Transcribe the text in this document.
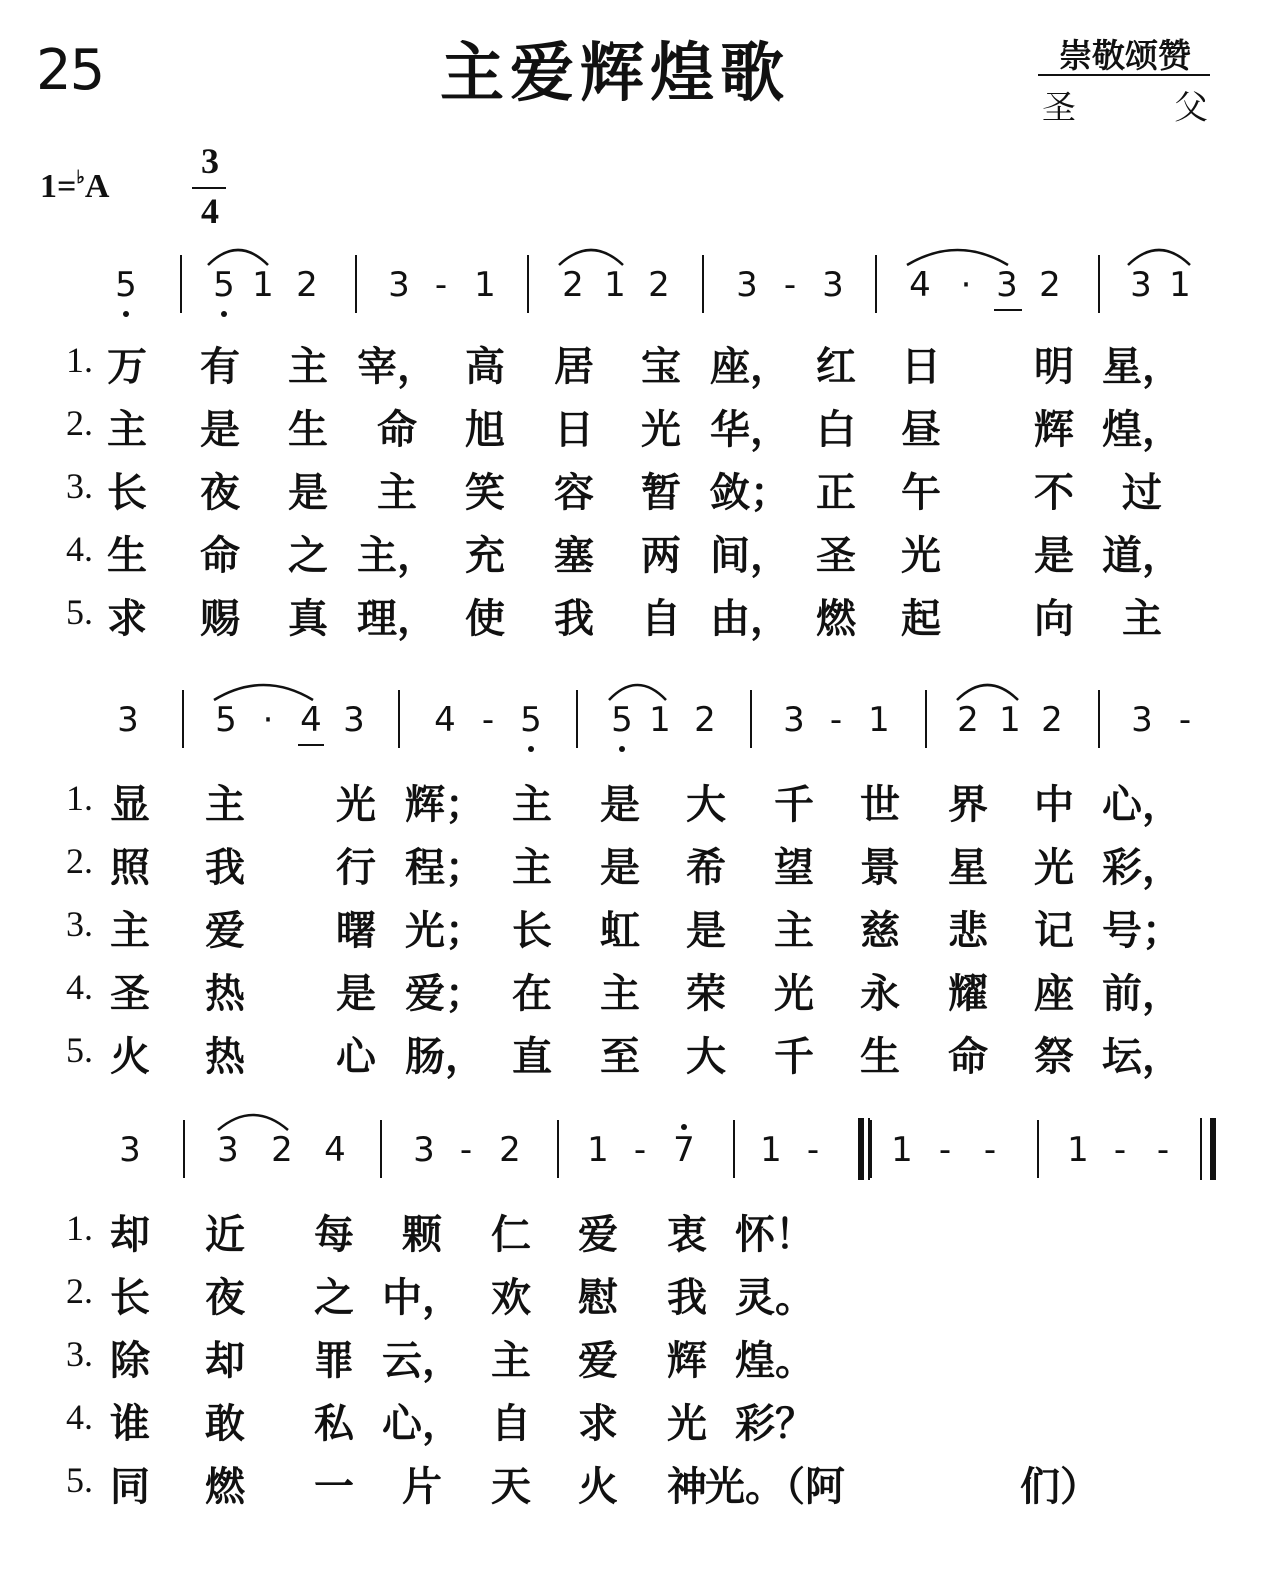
25	主爱辉煌歌	崇敬颂赞
圣	父
1=♭A
3
4
5 5 1 2 3 - 1 2 1 2 3 - 3 4 · 3 2 3 1
1. 万 有 主 宰， 高 居 宝 座， 红 日 明 星，
2. 主 是 生 命 旭 日 光 华， 白 昼 辉 煌，
3. 长 夜 是 主 笑 容 暂 敛； 正 午 不 过
4. 生 命 之 主， 充 塞 两 间， 圣 光 是 道，
5. 求 赐 真 理， 使 我 自 由， 燃 起 向 主
3 5 · 4 3 4 - 5 5 1 2 3 - 1 2 1 2 3 -
1. 显 主 光 辉； 主 是 大 千 世 界 中 心，
2. 照 我 行 程； 主 是 希 望 景 星 光 彩，
3. 主 爱 曙 光； 长 虹 是 主 慈 悲 记 号；
4. 圣 热 是 爱； 在 主 荣 光 永 耀 座 前，
5. 火 热 心 肠， 直 至 大 千 生 命 祭 坛，
3 3 2 4 3 - 2 1 - 7 1 -	1 - -	1 - -
1. 却 近 每 颗 仁 爱 衷 怀！
2. 长 夜 之 中， 欢 慰 我 灵。
3. 除 却 罪 云， 主 爱 辉 煌。
4. 谁 敢 私 心， 自 求 光 彩？
5. 同 燃 一 片 天 火 神
光。（阿	们）
